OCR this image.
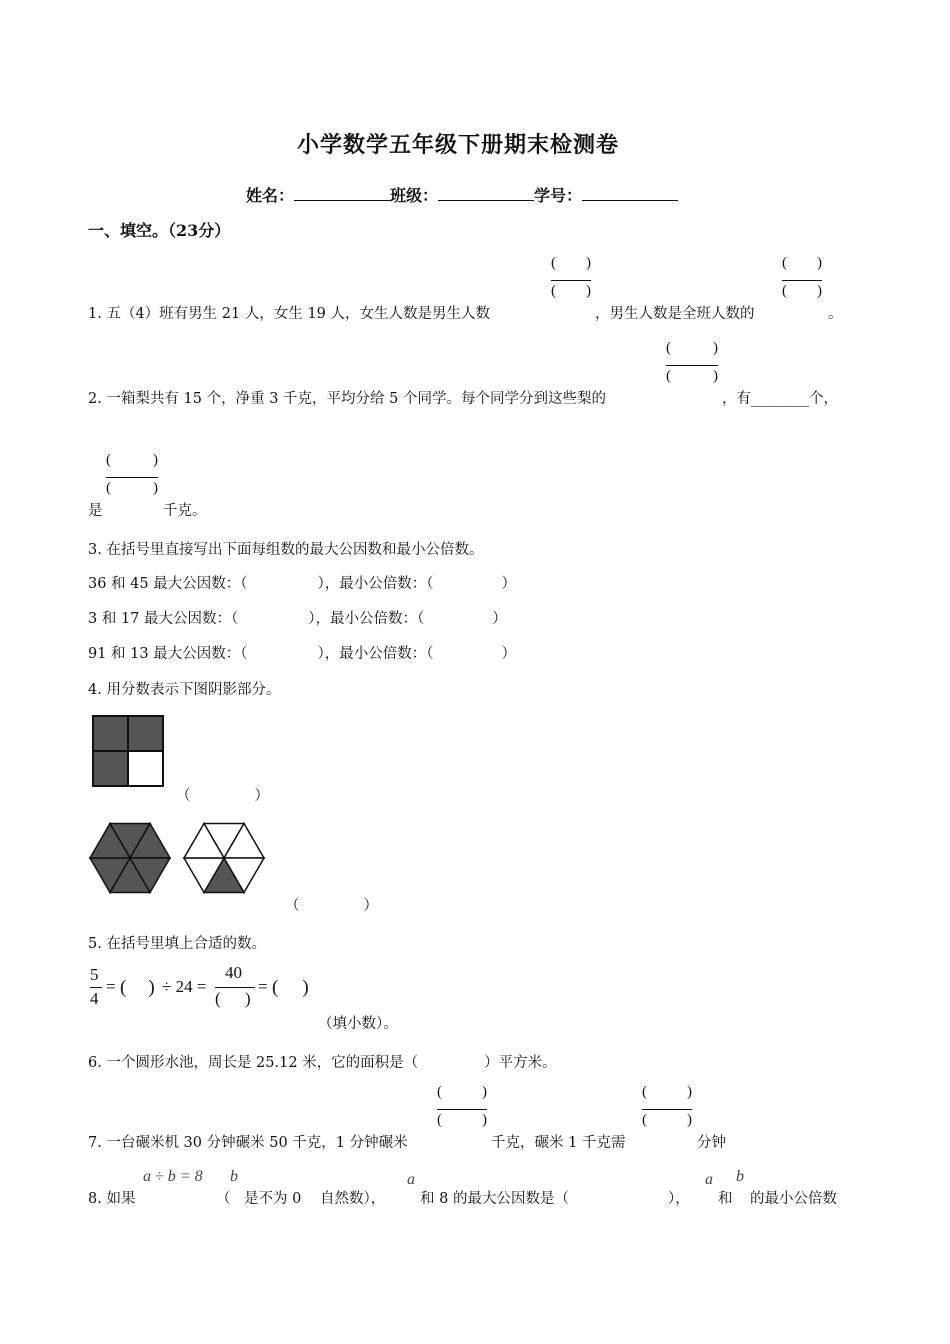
小学数学五年级下册期末检测卷
姓名：	班级：	学号：
一、填空。（23分）
1. 五（4）班有男生 21 人，女生 19 人，女生人数是男生人数
( )
( )
，男生人数是全班人数的
( )
( )
。
2. 一箱梨共有 15 个，净重 3 千克，平均分给 5 个同学。每个同学分到这些梨的
(	)
(	)
，有________个，
(	)
(	)
是	千克。
3. 在括号里直接写出下面每组数的最大公因数和最小公倍数。
36 和 45 最大公因数：（	），最小公倍数：（	）
3 和 17 最大公因数：（	），最小公倍数：（	）
91 和 13 最大公因数：（	），最小公倍数：（	）
4. 用分数表示下图阴影部分。
（	）
（	）
5. 在括号里填上合适的数。
5
4
= ( ) ÷ 24 =
40
( )
= ( )
（填小数）。
6. 一个圆形水池，周长是 25.12 米，它的面积是（	）平方米。
7. 一台碾米机 30 分钟碾米 50 千克，1 分钟碾米
(	)
(	)
千克，碾米 1 千克需
(	)
(	)
分钟
8. 如果
a ÷ b = 8
（
b
是不为 0 自然数），
a
和 8 的最大公因数是（	），
a
和
b
的最小公倍数
